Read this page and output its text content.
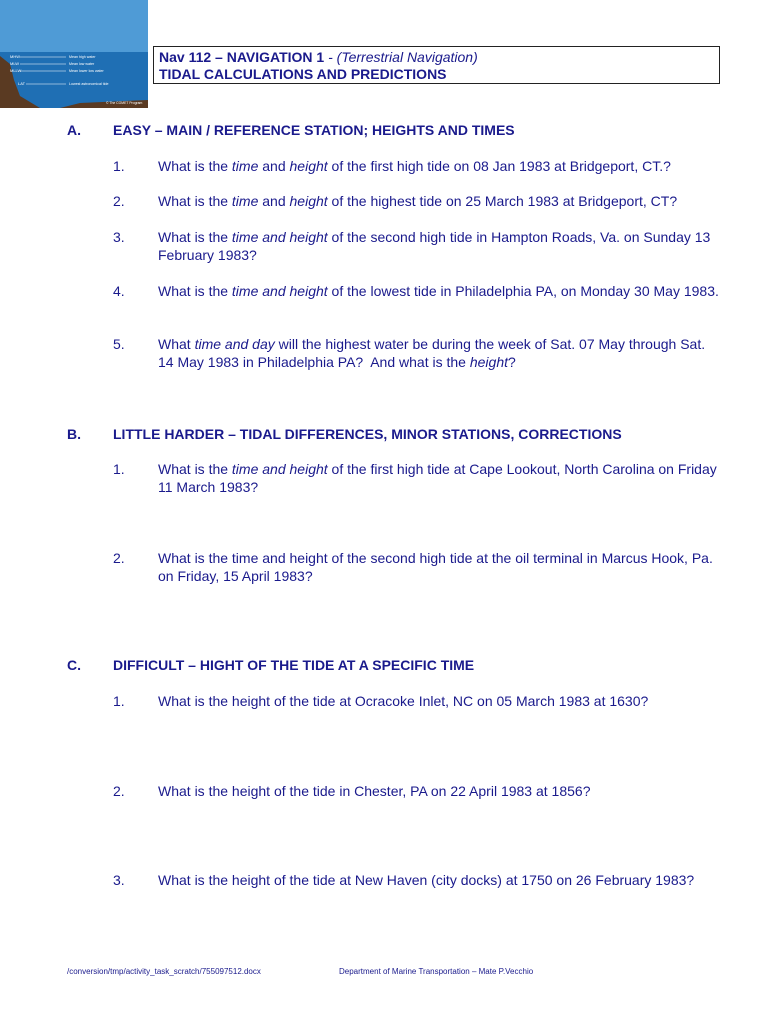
MHW
MLW
MLLW
LAT
Mean high water
Mean low water
Mean lower low water
Lowest astronomical tide
© The COMET Program
Nav 112 – NAVIGATION 1 - (Terrestrial Navigation)
TIDAL CALCULATIONS AND PREDICTIONS
A. EASY – MAIN / REFERENCE STATION; HEIGHTS AND TIMES
1. What is the time and height of the first high tide on 08 Jan 1983 at Bridgeport, CT.?
2. What is the time and height of the highest tide on 25 March 1983 at Bridgeport, CT?
3. What is the time and height of the second high tide in Hampton Roads, Va. on Sunday 13 February 1983?
4. What is the time and height of the lowest tide in Philadelphia PA, on Monday 30 May 1983.
5. What time and day will the highest water be during the week of Sat. 07 May through Sat. 14 May 1983 in Philadelphia PA?  And what is the height?
B. LITTLE HARDER – TIDAL DIFFERENCES, MINOR STATIONS, CORRECTIONS
1. What is the time and height of the first high tide at Cape Lookout, North Carolina on Friday 11 March 1983?
2. What is the time and height of the second high tide at the oil terminal in Marcus Hook, Pa. on Friday, 15 April 1983?
C. DIFFICULT – HIGHT OF THE TIDE AT A SPECIFIC TIME
1. What is the height of the tide at Ocracoke Inlet, NC on 05 March 1983 at 1630?
2. What is the height of the tide in Chester, PA on 22 April 1983 at 1856?
3. What is the height of the tide at New Haven (city docks) at 1750 on 26 February 1983?
/conversion/tmp/activity_task_scratch/755097512.docx	Department of Marine Transportation – Mate P.Vecchio
